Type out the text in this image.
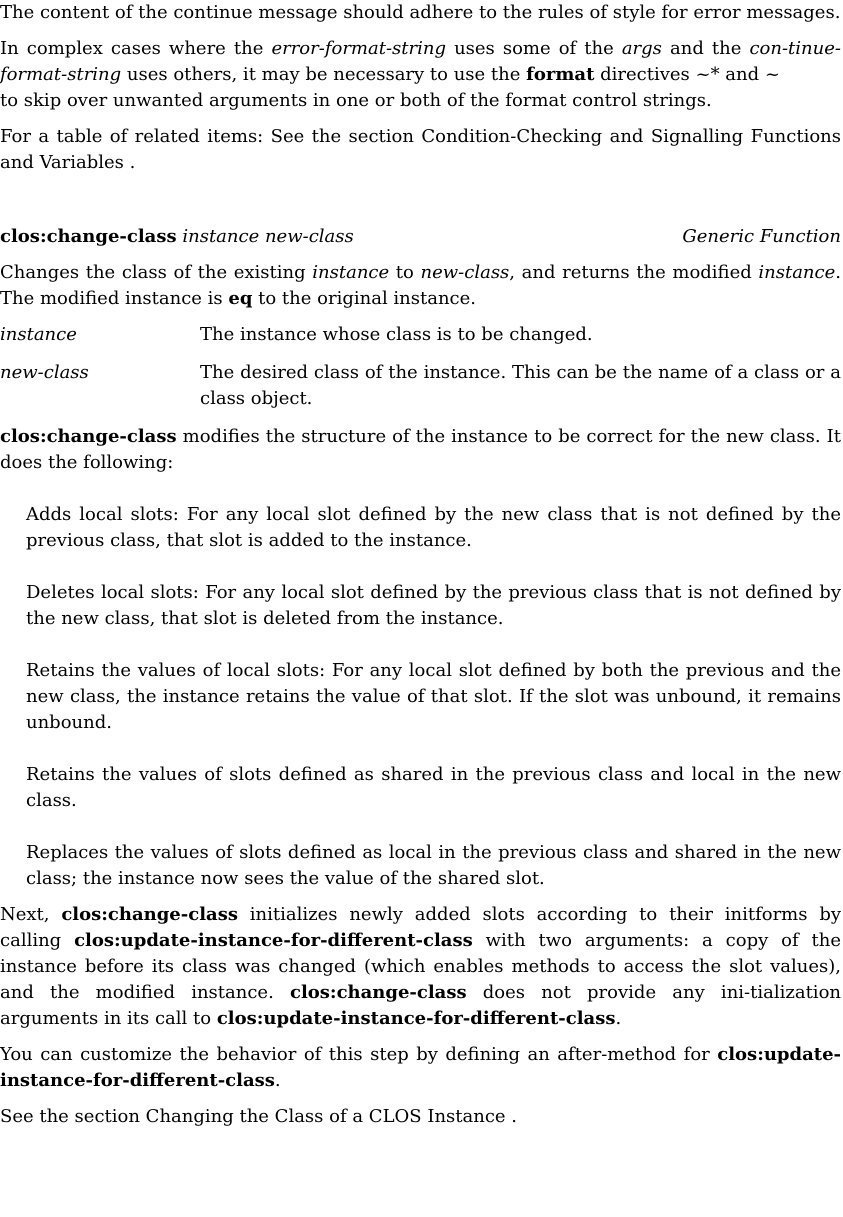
The content of the continue message should adhere to the rules of style for error messages.

In complex cases where the error-format-string uses some of the args and the con-tinue-format-string uses others, it may be necessary to use the format directives ~* and ~
to skip over unwanted arguments in one or both of the format control strings.

For a table of related items: See the section Condition-Checking and Signalling Functions and Variables .

clos:change-class instance new-class	Generic Function

Changes the class of the existing instance to new-class, and returns the modified instance. The modified instance is eq to the original instance.

instance	The instance whose class is to be changed.
new-class	The desired class of the instance. This can be the name of a class or a class object.

clos:change-class modifies the structure of the instance to be correct for the new class. It does the following:

Adds local slots: For any local slot defined by the new class that is not defined by the previous class, that slot is added to the instance.

Deletes local slots: For any local slot defined by the previous class that is not defined by the new class, that slot is deleted from the instance.

Retains the values of local slots: For any local slot defined by both the previous and the new class, the instance retains the value of that slot. If the slot was unbound, it remains unbound.

Retains the values of slots defined as shared in the previous class and local in the new class.

Replaces the values of slots defined as local in the previous class and shared in the new class; the instance now sees the value of the shared slot.

Next, clos:change-class initializes newly added slots according to their initforms by calling clos:update-instance-for-different-class with two arguments: a copy of the instance before its class was changed (which enables methods to access the slot values), and the modified instance. clos:change-class does not provide any ini-tialization arguments in its call to clos:update-instance-for-different-class.

You can customize the behavior of this step by defining an after-method for clos:update-instance-for-different-class.

See the section Changing the Class of a CLOS Instance .
